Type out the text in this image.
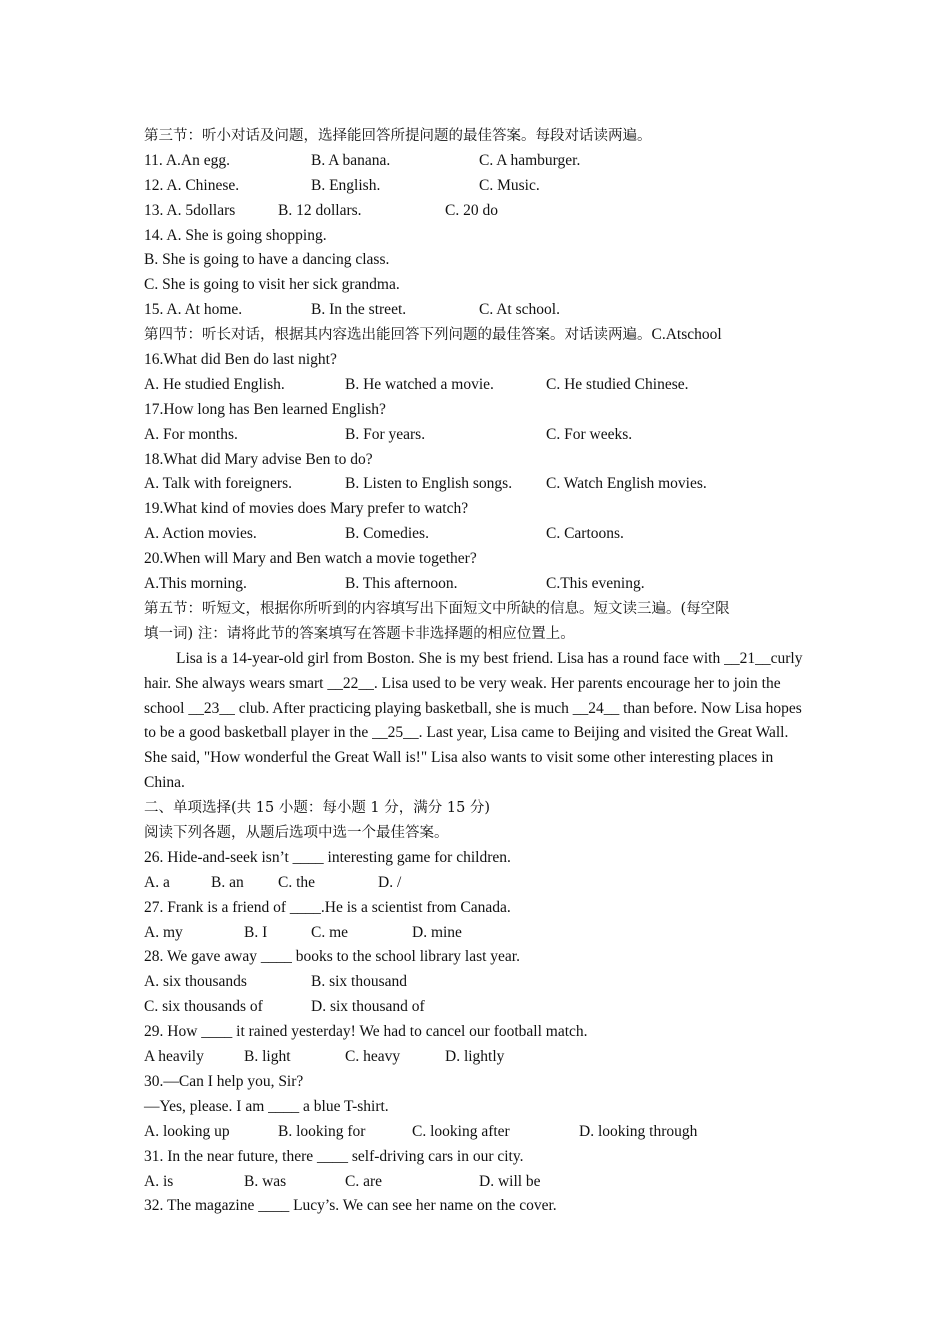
第三节：听小对话及问题，选择能回答所提问题的最佳答案。每段对话读两遍。

11. A.An egg.

	B. A banana.

	C. A hamburger.

12. A. Chinese.

	B. English.

	C. Music.

13. A. 5dollars

	B. 12 dollars.

	C. 20 do

14. A. She is going shopping.
B. She is going to have a dancing class.
C. She is going to visit her sick grandma.

15. A. At home.

	B. In the street.

	C. At school.

第四节：听长对话，根据其内容选出能回答下列问题的最佳答案。对话读两遍。C.Atschool
16.What did Ben do last night?

A. He studied English.

	B. He watched a movie.

	C. He studied Chinese.

17.How long has Ben learned English?

A. For months.

	B. For years.

	C. For weeks.

18.What did Mary advise Ben to do?

A. Talk with foreigners.

	B. Listen to English songs.

C. Watch English movies.

19.What kind of movies does Mary prefer to watch?

A. Action movies.

	B. Comedies.

	C. Cartoons.

20.When will Mary and Ben watch a movie together?

A.This morning.

	B. This afternoon.

	C.This evening.

第五节：听短文，根据你所听到的内容填写出下面短文中所缺的信息。短文读三遍。(每空限
填一词) 注：请将此节的答案填写在答题卡非选择题的相应位置上。

Lisa is a 14-year-old girl from Boston. She is my best friend. Lisa has a round face with __21__curly hair. She always wears smart __22__. Lisa used to be very weak. Her parents encourage her to join the school __23__ club. After practicing playing basketball, she is much __24__ than before. Now Lisa hopes to be a good basketball player in the __25__. Last year, Lisa came to Beijing and visited the Great Wall. She said, "How wonderful the Great Wall is!" Lisa also wants to visit some other interesting places in China.

二、单项选择(共 15 小题：每小题 1 分，满分 15 分)
阅读下列各题，从题后选项中选一个最佳答案。
26. Hide-and-seek isn’t ____ interesting game for children.

A. a

	B. an

C. the

	D. /

27. Frank is a friend of ____.He is a scientist from Canada.

A. my

	B. I

	C. me

	D. mine

28. We gave away ____ books to the school library last year.

A. six thousands

	B. six thousand

C. six thousands of

	D. six thousand of

29. How ____ it rained yesterday! We had to cancel our football match.

A heavily

	B. light

	C. heavy

	D. lightly

30.—Can I help you, Sir?
—Yes, please. I am ____ a blue T-shirt.

A. looking up

	B. looking for

	C. looking after

	D. looking through

31. In the near future, there ____ self-driving cars in our city.

A. is

	B. was

	C. are

	D. will be

32. The magazine ____ Lucy’s. We can see her name on the cover.
